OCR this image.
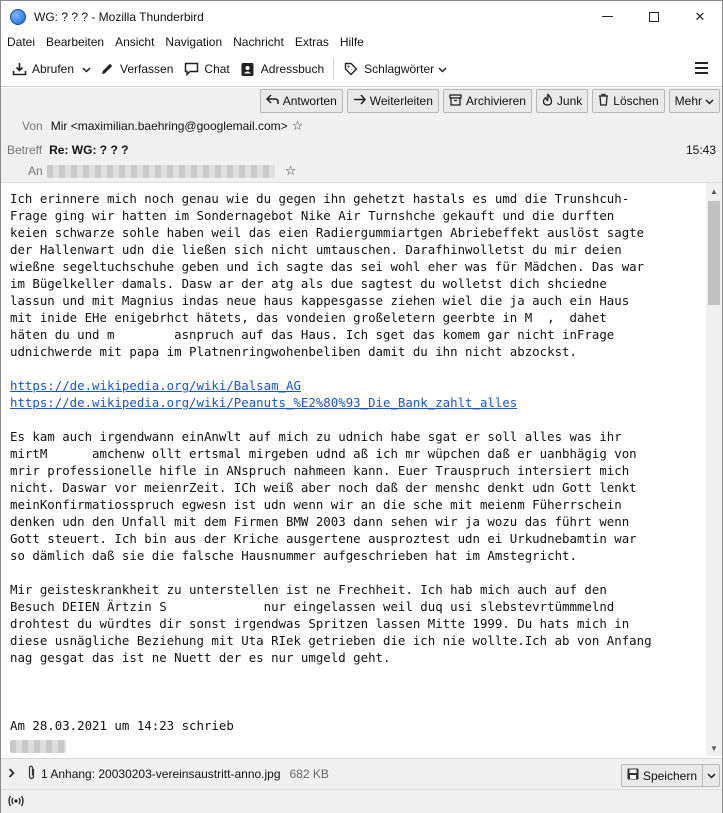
WG: ? ? ? - Mozilla Thunderbird	✕
Datei Bearbeiten Ansicht Navigation Nachricht Extras Hilfe
Abrufen	Verfassen	Chat	Adressbuch	Schlagwörter
Antworten	Weiterleiten	Archivieren	Junk	Löschen Mehr
Von Mir <maximilian.baehring@googlemail.com> ☆
Betreff Re: WG: ? ? ?	15:43
An	☆
Ich erinnere mich noch genau wie du gegen ihn gehetzt hastals es umd die Trunshcuh-
Frage ging wir hatten im Sondernagebot Nike Air Turnshche gekauft und die durften
keien schwarze sohle haben weil das eien Radiergummiartgen Abriebeffekt auslöst sagte
der Hallenwart udn die ließen sich nicht umtauschen. Darafhinwolletst du mir deien
wießne segeltuchschuhe geben und ich sagte das sei wohl eher was für Mädchen. Das war
im Bügelkeller damals. Dasw ar der atg als due sagtest du wolletst dich shciedne
lassun und mit Magnius indas neue haus kappesgasse ziehen wiel die ja auch ein Haus
mit inide EHe enigebrhct hätets, das vondeien großeletern geerbte in M  ,  dahet
häten du und m        asnpruch auf das Haus. Ich sget das komem gar nicht inFrage
udnichwerde mit papa im Platnenringwohenbeliben damit du ihn nicht abzockst.
https://de.wikipedia.org/wiki/Balsam_AG
https://de.wikipedia.org/wiki/Peanuts_%E2%80%93_Die_Bank_zahlt_alles
Es kam auch irgendwann einAnwlt auf mich zu udnich habe sgat er soll alles was ihr
mirtM      amchenw ollt ertsmal mirgeben udnd aß ich mr wüpchen daß er uanbhägig von
mrir professionelle hifle in ANspruch nahmeen kann. Euer Trauspruch intersiert mich
nicht. Daswar vor meienrZeit. ICh weiß aber noch daß der menshc denkt udn Gott lenkt
meinKonfirmatiosspruch egwesn ist udn wenn wir an die sche mit meienm Füherrschein
denken udn den Unfall mit dem Firmen BMW 2003 dann sehen wir ja wozu das führt wenn
Gott steuert. Ich bin aus der Kriche ausgertene ausproztest udn ei Urkudnebamtin war
so dämlich daß sie die falsche Hausnummer aufgeschrieben hat im Amstegricht.
Mir geisteskrankheit zu unterstellen ist ne Frechheit. Ich hab mich auch auf den
Besuch DEIEN Ärtzin S             nur eingelassen weil duq usi slebstevrtümmmelnd
drohtest du würdtes dir sonst irgendwas Spritzen lassen Mitte 1999. Du hats mich in
diese usnägliche Beziehung mit Uta RIek getrieben die ich nie wollte.Ich ab von Anfang
nag gesgat das ist ne Nuett der es nur umgeld geht.
Am 28.03.2021 um 14:23 schrieb
▲
▼
1 Anhang: 20030203-vereinsaustritt-anno.jpg 682 KB	Speichern
